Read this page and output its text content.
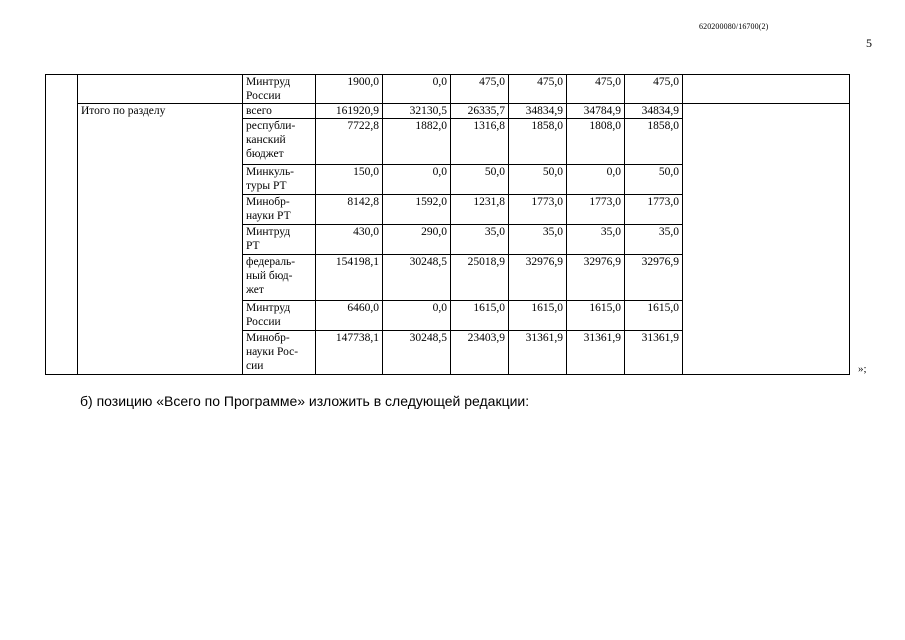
620200080/16700(2)
5
		Минтруд
России	1900,0	0,0	475,0	475,0	475,0	475,0	
	Итого по разделу	всего	161920,9	32130,5	26335,7	34834,9	34784,9	34834,9	
		республи-
канский
бюджет	7722,8	1882,0	1316,8	1858,0	1808,0	1858,0	
		Минкуль-
туры РТ	150,0	0,0	50,0	50,0	0,0	50,0	
		Минобр-
науки РТ	8142,8	1592,0	1231,8	1773,0	1773,0	1773,0	
		Минтруд
РТ	430,0	290,0	35,0	35,0	35,0	35,0	
		федераль-
ный бюд-
жет	154198,1	30248,5	25018,9	32976,9	32976,9	32976,9	
		Минтруд
России	6460,0	0,0	1615,0	1615,0	1615,0	1615,0	
		Минобр-
науки Рос-
сии	147738,1	30248,5	23403,9	31361,9	31361,9	31361,9	
»;
б) позицию «Всего по Программе» изложить в следующей редакции:
